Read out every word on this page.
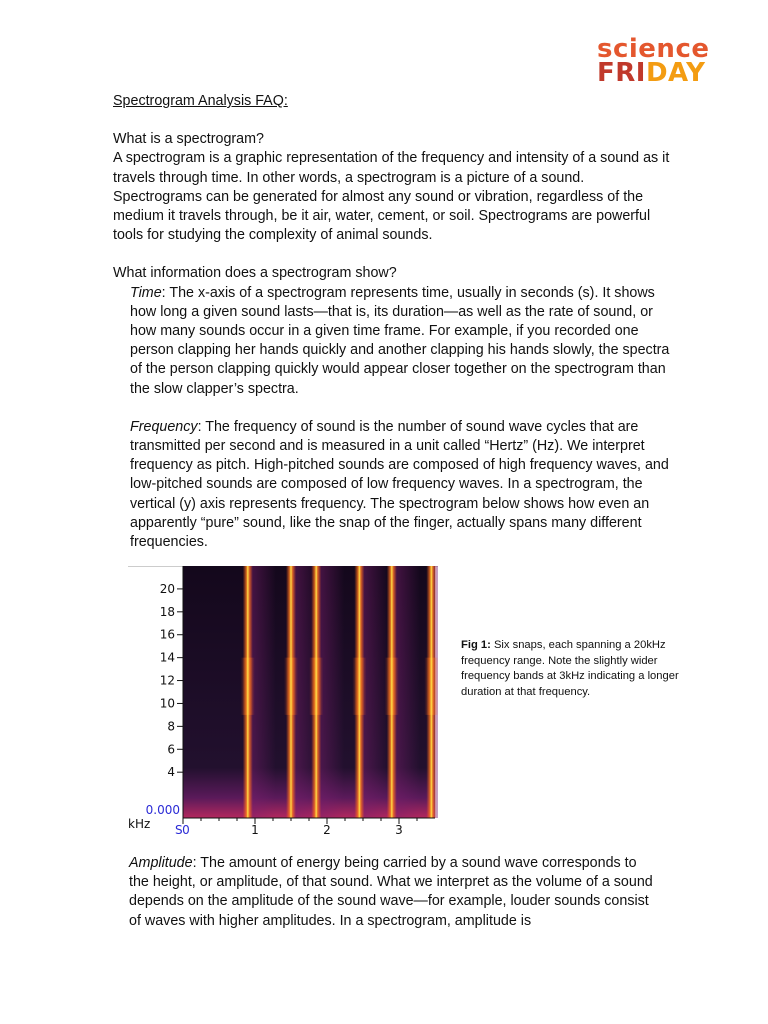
science
FRIDAY

Spectrogram Analysis FAQ:

What is a spectrogram?

A spectrogram is a graphic representation of the frequency and intensity of a sound as it travels through time. In other words, a spectrogram is a picture of a sound. Spectrograms can be generated for almost any sound or vibration, regardless of the medium it travels through, be it air, water, cement, or soil. Spectrograms are powerful tools for studying the complexity of animal sounds.

What information does a spectrogram show?

Time: The x-axis of a spectrogram represents time, usually in seconds (s). It shows how long a given sound lasts—that is, its duration—as well as the rate of sound, or how many sounds occur in a given time frame. For example, if you recorded one person clapping her hands quickly and another clapping his hands slowly, the spectra of the person clapping quickly would appear closer together on the spectrogram than the slow clapper’s spectra.

Frequency: The frequency of sound is the number of sound wave cycles that are transmitted per second and is measured in a unit called “Hertz” (Hz). We interpret frequency as pitch. High-pitched sounds are composed of high frequency waves, and low-pitched sounds are composed of low frequency waves. In a spectrogram, the vertical (y) axis represents frequency. The spectrogram below shows how even an apparently “pure” sound, like the snap of the finger, actually spans many different frequencies.

20
18
16
14
12
10
8
6
4
0	1	2	3
kHz
0.000
S
Fig 1: Six snaps, each spanning a 20kHz frequency range. Note the slightly wider frequency bands at 3kHz indicating a longer duration at that frequency.
Amplitude: The amount of energy being carried by a sound wave corresponds to the height, or amplitude, of that sound. What we interpret as the volume of a sound depends on the amplitude of the sound wave—for example, louder sounds consist of waves with higher amplitudes. In a spectrogram, amplitude is
